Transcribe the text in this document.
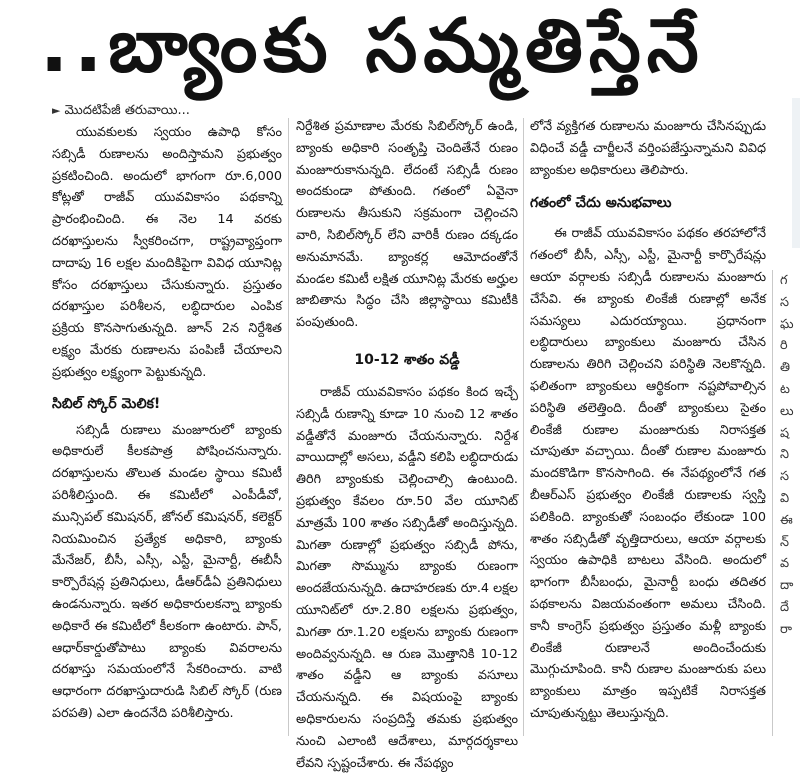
..బ్యాంకు సమ్మతిస్తేనే
► మొదటిపేజీ తరువాయి...

యువకులకు స్వయం ఉపాధి కోసం సబ్సిడీ రుణాలను అందిస్తామని ప్రభుత్వం ప్రకటించింది. అందులో భాగంగా రూ.6,000 కోట్లతో రాజీవ్ యువవికాసం పథకాన్ని ప్రారంభించింది. ఈ నెల 14 వరకు దరఖాస్తులను స్వీకరించగా, రాష్ట్రవ్యాప్తంగా దాదాపు 16 లక్షల మందికిపైగా వివిధ యూనిట్ల కోసం దరఖాస్తులు చేసుకున్నారు. ప్రస్తుతం దరఖాస్తుల పరిశీలన, లబ్ధిదారుల ఎంపిక ప్రక్రియ కొనసాగుతున్నది. జూన్ 2న నిర్దేశిత లక్ష్యం మేరకు రుణాలను పంపిణీ చేయాలని ప్రభుత్వం లక్ష్యంగా పెట్టుకున్నది.

సిబిల్ స్కోర్ మెలిక!

సబ్సిడీ రుణాలు మంజూరులో బ్యాంకు అధికారులే కీలకపాత్ర పోషించనున్నారు. దరఖాస్తులను తొలుత మండల స్థాయి కమిటీ పరిశీలిస్తుంది. ఈ కమిటీలో ఎంపీడీవో, మున్సిపల్ కమిషనర్, జోనల్ కమిషనర్, కలెక్టర్ నియమించిన ప్రత్యేక అధికారి, బ్యాంకు మేనేజర్, బీసీ, ఎస్సీ, ఎస్టీ, మైనార్టీ, ఈబీసీ కార్పొరేషన్ల ప్రతినిధులు, డీఆర్‌డీఏ ప్రతినిధులు ఉండనున్నారు. ఇతర అధికారులకన్నా బ్యాంకు అధికారే ఈ కమిటీలో కీలకంగా ఉంటారు. పాన్, ఆధార్‌కార్డుతోపాటు బ్యాంకు వివరాలను దరఖాస్తు సమయంలోనే సేకరించారు. వాటి ఆధారంగా దరఖాస్తుదారుడి సిబిల్ స్కోర్ (రుణ పరపతి) ఎలా ఉందనేది పరిశీలిస్తారు.

నిర్దేశిత ప్రమాణాల మేరకు సిబిల్‌స్కోర్ ఉండి, బ్యాంకు అధికారి సంతృప్తి చెందితేనే రుణం మంజూరుకానున్నది. లేదంటే సబ్సిడీ రుణం అందకుండా పోతుంది. గతంలో ఏవైనా రుణాలను తీసుకుని సక్రమంగా చెల్లించని వారి, సిబిల్‌స్కోర్ లేని వారికీ రుణం దక్కడం అనుమానమే. బ్యాంకర్ల ఆమోదంతోనే మండల కమిటీ లక్షిత యూనిట్ల మేరకు అర్హుల జాబితాను సిద్ధం చేసి జిల్లాస్థాయి కమిటీకి పంపుతుంది.

10-12 శాతం వడ్డీ

రాజీవ్ యువవికాసం పథకం కింద ఇచ్చే సబ్సిడీ రుణాన్ని కూడా 10 నుంచి 12 శాతం వడ్డీతోనే మంజూరు చేయనున్నారు. నిర్దేశ వాయిదాల్లో అసలు, వడ్డీని కలిపి లబ్ధిదారుడు తిరిగి బ్యాంకుకు చెల్లించాల్సి ఉంటుంది. ప్రభుత్వం కేవలం రూ.50 వేల యూనిట్ మాత్రమే 100 శాతం సబ్సిడీతో అందిస్తున్నది. మిగతా రుణాల్లో ప్రభుత్వం సబ్సిడీ పోను, మిగతా సొమ్మును బ్యాంకు రుణంగా అందజేయనున్నది. ఉదాహరణకు రూ.4 లక్షల యూనిట్‌లో రూ.2.80 లక్షలను ప్రభుత్వం, మిగతా రూ.1.20 లక్షలను బ్యాంకు రుణంగా అందివ్వనున్నది. ఆ రుణ మొత్తానికి 10-12 శాతం వడ్డీని ఆ బ్యాంకు వసూలు చేయనున్నది. ఈ విషయంపై బ్యాంకు అధికారులను సంప్రదిస్తే తమకు ప్రభుత్వం నుంచి ఎలాంటి ఆదేశాలు, మార్గదర్శకాలు లేవని స్పష్టంచేశారు. ఈ నేపథ్యం

లోనే వ్యక్తిగత రుణాలను మంజూరు చేసినప్పుడు విధించే వడ్డీ చార్జీలనే వర్తింపజేస్తున్నామని వివిధ బ్యాంకుల అధికారులు తెలిపారు.

గతంలో చేదు అనుభవాలు

ఈ రాజీవ్ యువవికాసం పథకం తరహాలోనే గతంలో బీసీ, ఎస్సీ, ఎస్టీ, మైనార్టీ కార్పొరేషన్లు ఆయా వర్గాలకు సబ్సిడీ రుణాలను మంజూరు చేసేవి. ఈ బ్యాంకు లింకేజీ రుణాల్లో అనేక సమస్యలు ఎదురయ్యాయి. ప్రధానంగా లబ్ధిదారులు బ్యాంకులు మంజూరు చేసిన రుణాలను తిరిగి చెల్లించని పరిస్థితి నెలకొన్నది. ఫలితంగా బ్యాంకులు ఆర్థికంగా నష్టపోవాల్సిన పరిస్థితి తలెత్తింది. దీంతో బ్యాంకులు సైతం లింకేజీ రుణాల మంజూరుకు నిరాసక్తత చూపుతూ వచ్చాయి. దీంతో రుణాల మంజూరు మందకొడిగా కొనసాగింది. ఈ నేపథ్యంలోనే గత బీఆర్‌ఎస్ ప్రభుత్వం లింకేజీ రుణాలకు స్వస్తి పలికింది. బ్యాంకుతో సంబంధం లేకుండా 100 శాతం సబ్సిడీతో వృత్తిదారులు, ఆయా వర్గాలకు స్వయం ఉపాధికి బాటలు వేసింది. అందులో భాగంగా బీసీబంధు, మైనార్టీ బంధు తదితర పథకాలను విజయవంతంగా అమలు చేసింది. కానీ కాంగ్రెస్ ప్రభుత్వం ప్రస్తుతం మళ్లీ బ్యాంకు లింకేజీ రుణాలనే అందించేందుకు మొగ్గుచూపింది. కానీ రుణాల మంజూరుకు పలు బ్యాంకులు మాత్రం ఇప్పటికే నిరాసక్తత చూపుతున్నట్టు తెలుస్తున్నది.

గ
స
ఘ
రి
తి
ట
లు
ష
ని
స
వి
ఈ
న్
వ
దా
దే
రా
